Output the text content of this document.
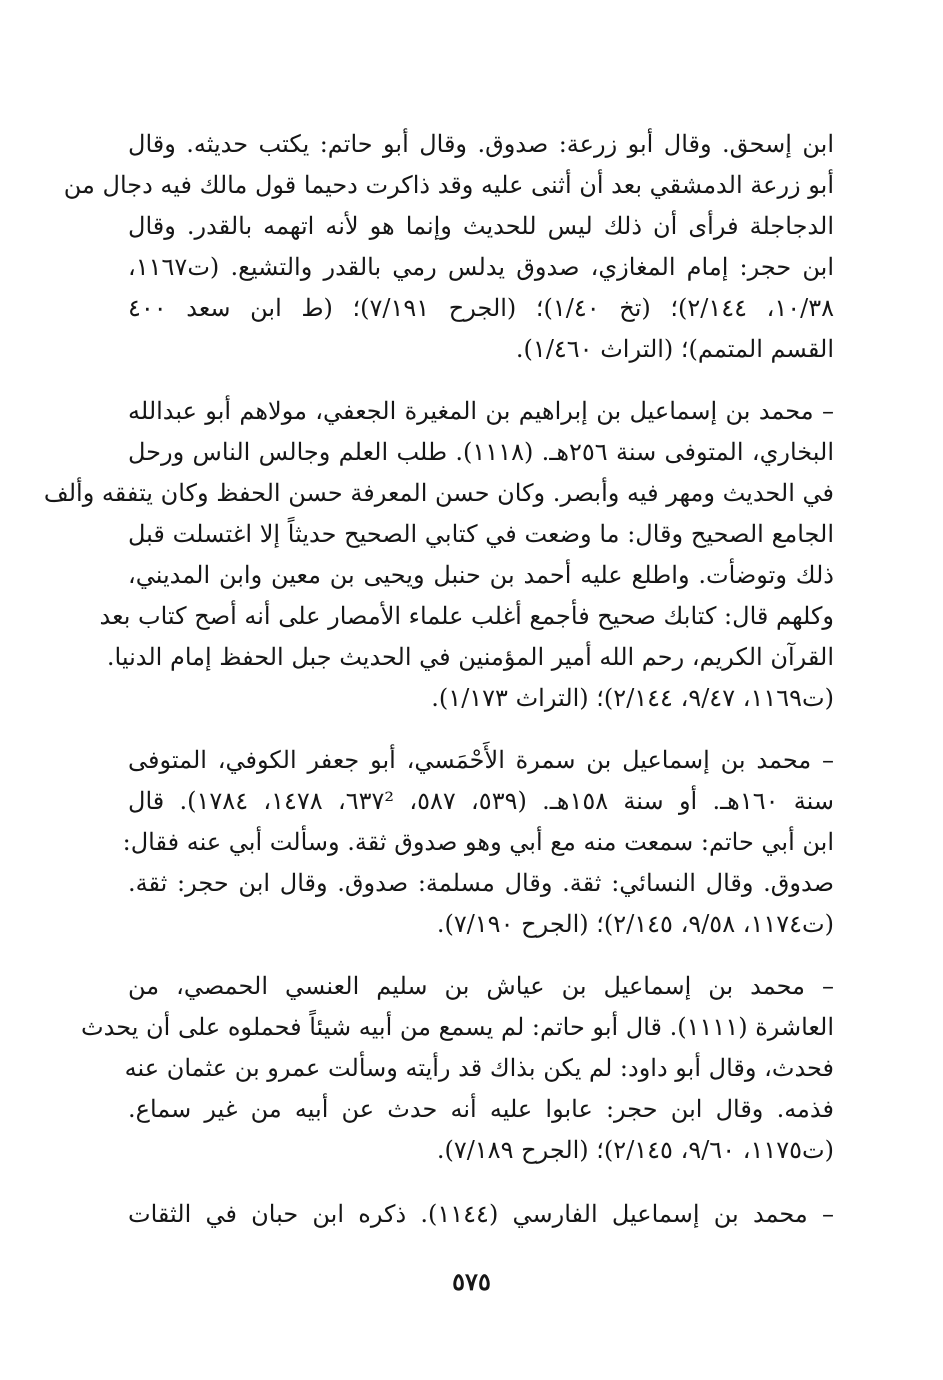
ابن إسحق. وقال أبو زرعة: صدوق. وقال أبو حاتم: يكتب حديثه. وقال
أبو زرعة الدمشقي بعد أن أثنى عليه وقد ذاكرت دحيما قول مالك فيه دجال من
الدجاجلة فرأى أن ذلك ليس للحديث وإنما هو لأنه اتهمه بالقدر. وقال
ابن حجر: إمام المغازي، صدوق يدلس رمي بالقدر والتشيع. (ت١١٦٧،
١٠/٣٨، ٢/١٤٤)؛ (تخ ١/٤٠)؛ (الجرح ٧/١٩١)؛ (ط ابن سعد ٤٠٠
القسم المتمم)؛ (التراث ١/٤٦٠).
– محمد بن إسماعيل بن إبراهيم بن المغيرة الجعفي، مولاهم أبو عبدالله
البخاري، المتوفى سنة ٢٥٦هـ. (١١١٨). طلب العلم وجالس الناس ورحل
في الحديث ومهر فيه وأبصر. وكان حسن المعرفة حسن الحفظ وكان يتفقه وألف
الجامع الصحيح وقال: ما وضعت في كتابي الصحيح حديثاً إلا اغتسلت قبل
ذلك وتوضأت. واطلع عليه أحمد بن حنبل ويحيى بن معين وابن المديني،
وكلهم قال: كتابك صحيح فأجمع أغلب علماء الأمصار على أنه أصح كتاب بعد
القرآن الكريم، رحم الله أمير المؤمنين في الحديث جبل الحفظ إمام الدنيا.
(ت١١٦٩، ٩/٤٧، ٢/١٤٤)؛ (التراث ١/١٧٣).
– محمد بن إسماعيل بن سمرة الأَحْمَسي، أبو جعفر الكوفي، المتوفى
سنة ١٦٠هـ. أو سنة ١٥٨هـ. (٥٣٩، ٥٨٧، ٦٣٧²، ١٤٧٨، ١٧٨٤). قال
ابن أبي حاتم: سمعت منه مع أبي وهو صدوق ثقة. وسألت أبي عنه فقال:
صدوق. وقال النسائي: ثقة. وقال مسلمة: صدوق. وقال ابن حجر: ثقة.
(ت١١٧٤، ٩/٥٨، ٢/١٤٥)؛ (الجرح ٧/١٩٠).
– محمد بن إسماعيل بن عياش بن سليم العنسي الحمصي، من
العاشرة (١١١١). قال أبو حاتم: لم يسمع من أبيه شيئاً فحملوه على أن يحدث
فحدث، وقال أبو داود: لم يكن بذاك قد رأيته وسألت عمرو بن عثمان عنه
فذمه. وقال ابن حجر: عابوا عليه أنه حدث عن أبيه من غير سماع.
(ت١١٧٥، ٩/٦٠، ٢/١٤٥)؛ (الجرح ٧/١٨٩).
– محمد بن إسماعيل الفارسي (١١٤٤). ذكره ابن حبان في الثقات
٥٧٥
